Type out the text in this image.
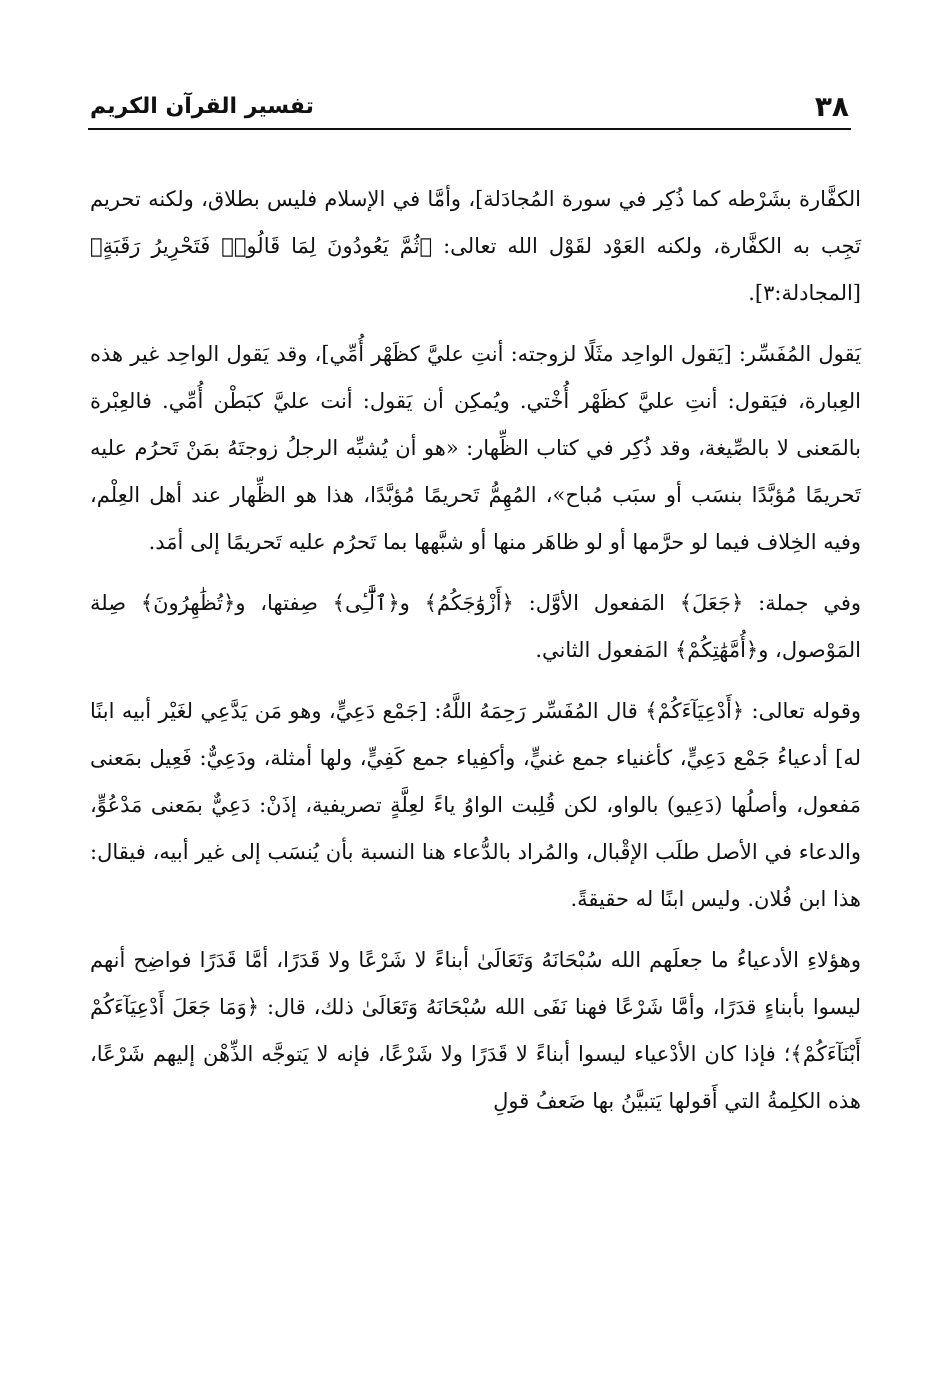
٣٨
تفسير القرآن الكريم

الكفَّارة بشَرْطه كما ذُكِر في سورة المُجادَلة]، وأمَّا في الإسلام فليس بطلاق، ولكنه تحريم تَجِب به الكفَّارة، ولكنه العَوْد لقَوْل الله تعالى: ﴿ثُمَّ يَعُودُونَ لِمَا قَالُوا۟ فَتَحْرِيرُ رَقَبَةٍ﴾ [المجادلة:٣].

يَقول المُفَسِّر: [يَقول الواحِد مثَلًا لزوجته: أنتِ عليَّ كظَهْر أُمِّي]، وقد يَقول الواحِد غير هذه العِبارة، فيَقول: أنتِ عليَّ كظَهْر أُخْتي. ويُمكِن أن يَقول: أنت عليَّ كبَطْن أُمِّي. فالعِبْرة بالمَعنى لا بالصِّيغة، وقد ذُكِر في كتاب الظِّهار: «هو أن يُشبِّه الرجلُ زوجتَهُ بمَنْ تَحرُم عليه تَحريمًا مُؤبَّدًا بنسَب أو سبَب مُباح»، المُهِمُّ تَحريمًا مُؤبَّدًا، هذا هو الظِّهار عند أهل العِلْم، وفيه الخِلاف فيما لو حرَّمها أو لو ظاهَر منها أو شبَّهها بما تَحرُم عليه تَحريمًا إلى أمَد.

وفي جملة: ﴿جَعَلَ﴾ المَفعول الأوَّل: ﴿أَزْوَٰجَكُمُ﴾ و﴿ٱلَّٰٓـِٔى﴾ صِفتها، و﴿تُظَٰهِرُونَ﴾ صِلة المَوْصول، و﴿أُمَّهَٰتِكُمْ﴾ المَفعول الثاني.

وقوله تعالى: ﴿أَدْعِيَآءَكُمْ﴾ قال المُفَسِّر رَحِمَهُ اللَّهُ: [جَمْع دَعِيٍّ، وهو مَن يَدَّعِي لغَيْر أبيه ابنًا له] أدعياءُ جَمْع دَعِيٍّ، كأغنياء جمع غنيٍّ، وأكفِياء جمع كَفِيٍّ، ولها أمثلة، ودَعِيٌّ: فَعِيل بمَعنى مَفعول، وأصلُها (دَعِيو) بالواو، لكن قُلِبت الواوُ ياءً لعِلَّةٍ تصريفية، إذَنْ: دَعِيٌّ بمَعنى مَدْعُوٍّ، والدعاء في الأصل طلَب الإقْبال، والمُراد بالدُّعاء هنا النسبة بأن يُنسَب إلى غير أبيه، فيقال: هذا ابن فُلان. وليس ابنًا له حقيقةً.

وهؤلاءِ الأدعياءُ ما جعلَهم الله سُبْحَانَهُ وَتَعَالَىٰ أبناءً لا شَرْعًا ولا قَدَرًا، أمَّا قَدَرًا فواضِح أنهم ليسوا بأبناءٍ قدَرًا، وأمَّا شَرْعًا فهنا نَفَى الله سُبْحَانَهُ وَتَعَالَىٰ ذلك، قال: ﴿وَمَا جَعَلَ أَدْعِيَآءَكُمْ أَبْنَآءَكُمْ﴾؛ فإذا كان الأدْعياء ليسوا أبناءً لا قَدَرًا ولا شَرْعًا، فإنه لا يَتوجَّه الذِّهْن إليهم شَرْعًا، هذه الكلِمةُ التي أَقولها يَتبيَّنُ بها ضَعفُ قولِ
